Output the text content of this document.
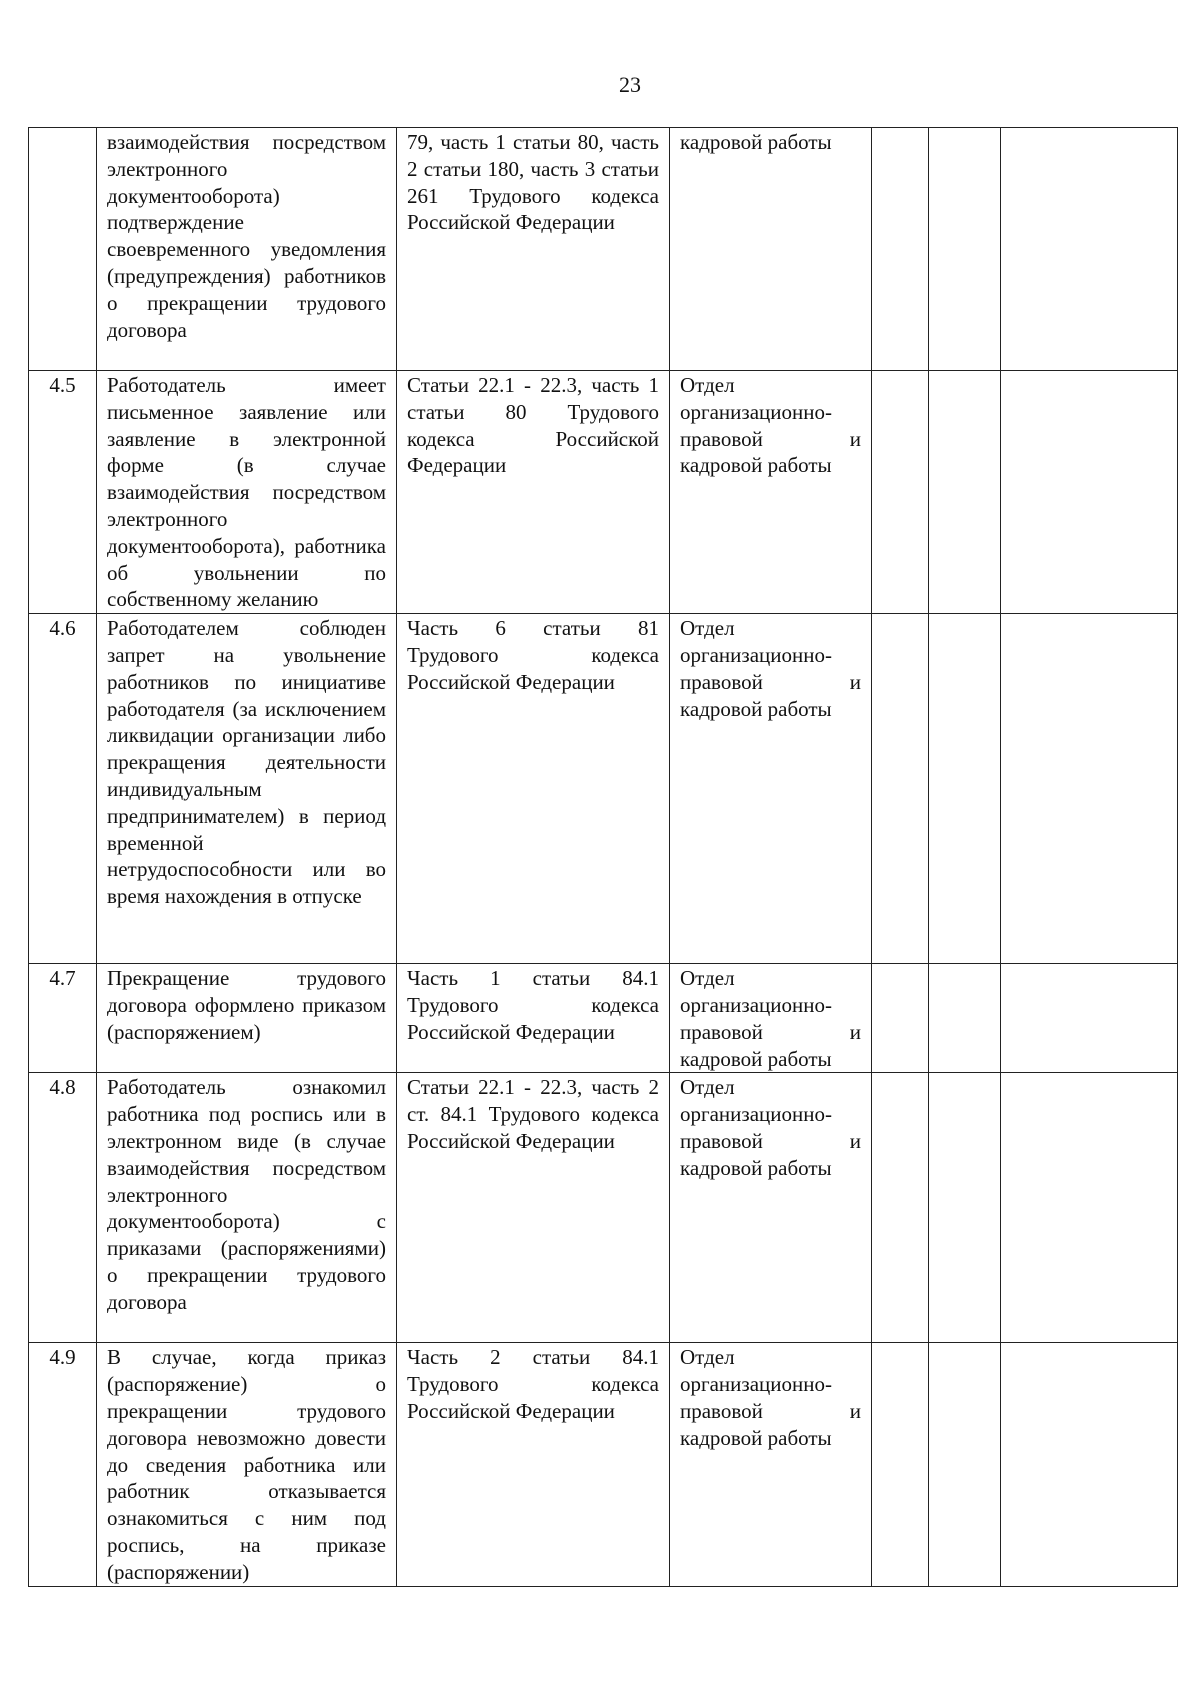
23
	взаимодействия посредством электронного документооборота) подтверждение своевременного уведомления (предупреждения) работников о прекращении трудового договора	79, часть 1 статьи 80, часть 2 статьи 180, часть 3 статьи 261 Трудового кодекса Российской Федерации	кадровой работы			
4.5	Работодатель имеет письменное заявление или заявление в электронной форме (в случае взаимодействия посредством электронного документооборота), работника об увольнении по собственному желанию	Статьи 22.1 - 22.3, часть 1 статьи 80 Трудового кодекса Российской Федерации	Отдел организационно-правовой и кадровой работы			
4.6	Работодателем соблюден запрет на увольнение работников по инициативе работодателя (за исключением ликвидации организации либо прекращения деятельности индивидуальным предпринимателем) в период временной нетрудоспособности или во время нахождения в отпуске	Часть 6 статьи 81 Трудового кодекса Российской Федерации	Отдел организационно-правовой и кадровой работы			
4.7	Прекращение трудового договора оформлено приказом (распоряжением)	Часть 1 статьи 84.1 Трудового кодекса Российской Федерации	Отдел организационно-правовой и кадровой работы			
4.8	Работодатель ознакомил работника под роспись или в электронном виде (в случае взаимодействия посредством электронного документооборота) с приказами (распоряжениями) о прекращении трудового договора	Статьи 22.1 - 22.3, часть 2 ст. 84.1 Трудового кодекса Российской Федерации	Отдел организационно-правовой и кадровой работы			
4.9	В случае, когда приказ (распоряжение) о прекращении трудового договора невозможно довести до сведения работника или работник отказывается ознакомиться с ним под роспись, на приказе (распоряжении)	Часть 2 статьи 84.1 Трудового кодекса Российской Федерации	Отдел организационно-правовой и кадровой работы			
